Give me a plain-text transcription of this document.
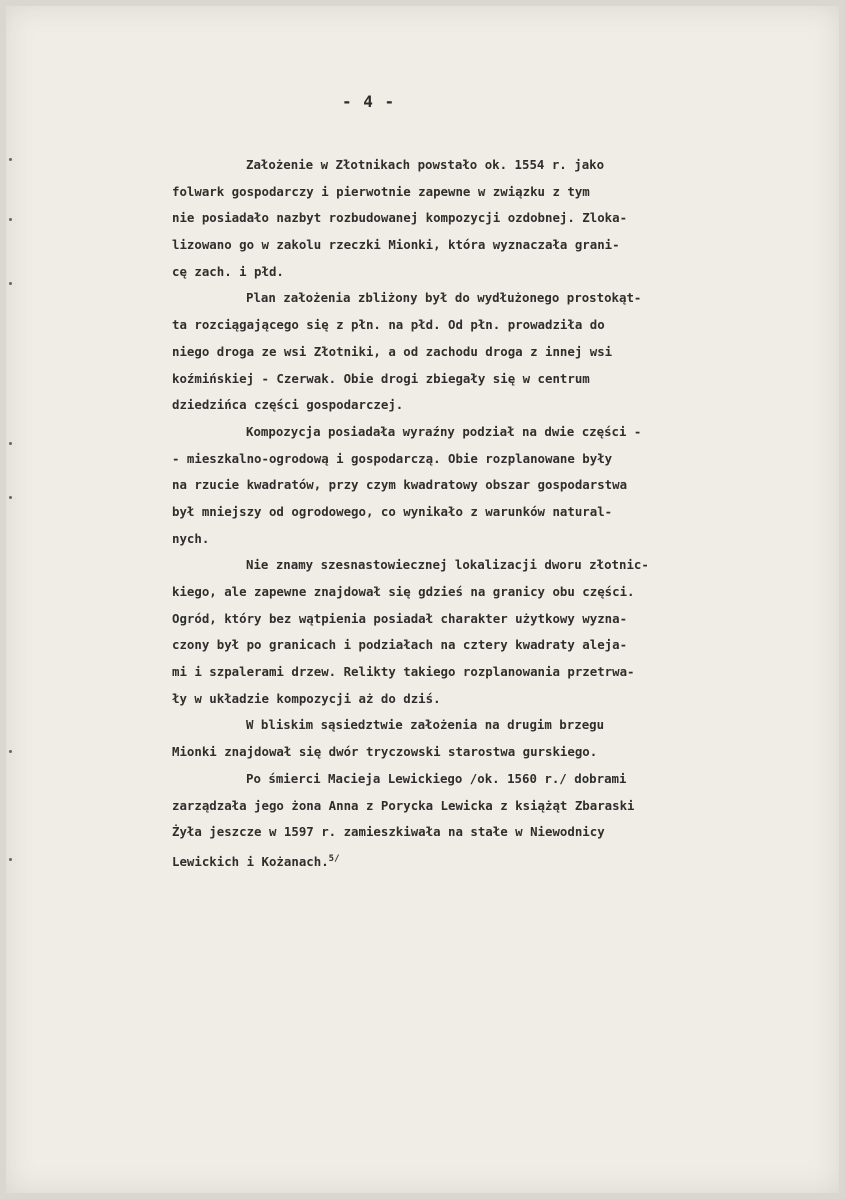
- 4 -
Założenie w Złotnikach powstało ok. 1554 r. jako
folwark gospodarczy i pierwotnie zapewne w związku z tym
nie posiadało nazbyt rozbudowanej kompozycji ozdobnej. Zloka-
lizowano go w zakolu rzeczki Mionki, która wyznaczała grani-
cę zach. i płd.
Plan założenia zbliżony był do wydłużonego prostokąt-
ta rozciągającego się z płn. na płd. Od płn. prowadziła do
niego droga ze wsi Złotniki, a od zachodu droga z innej wsi
koźmińskiej - Czerwak. Obie drogi zbiegały się w centrum
dziedzińca części gospodarczej.
Kompozycja posiadała wyraźny podział na dwie części -
- mieszkalno-ogrodową i gospodarczą. Obie rozplanowane były
na rzucie kwadratów, przy czym kwadratowy obszar gospodarstwa
był mniejszy od ogrodowego, co wynikało z warunków natural-
nych.
Nie znamy szesnastowiecznej lokalizacji dworu złotnic-
kiego, ale zapewne znajdował się gdzieś na granicy obu części.
Ogród, który bez wątpienia posiadał charakter użytkowy wyzna-
czony był po granicach i podziałach na cztery kwadraty aleja-
mi i szpalerami drzew. Relikty takiego rozplanowania przetrwa-
ły w układzie kompozycji aż do dziś.
W bliskim sąsiedztwie założenia na drugim brzegu
Mionki znajdował się dwór tryczowski starostwa gurskiego.
Po śmierci Macieja Lewickiego /ok. 1560 r./ dobrami
zarządzała jego żona Anna z Porycka Lewicka z książąt Zbaraski
Żyła jeszcze w 1597 r. zamieszkiwała na stałe w Niewodnicy
Lewickich i Kożanach.$^{5/}$
